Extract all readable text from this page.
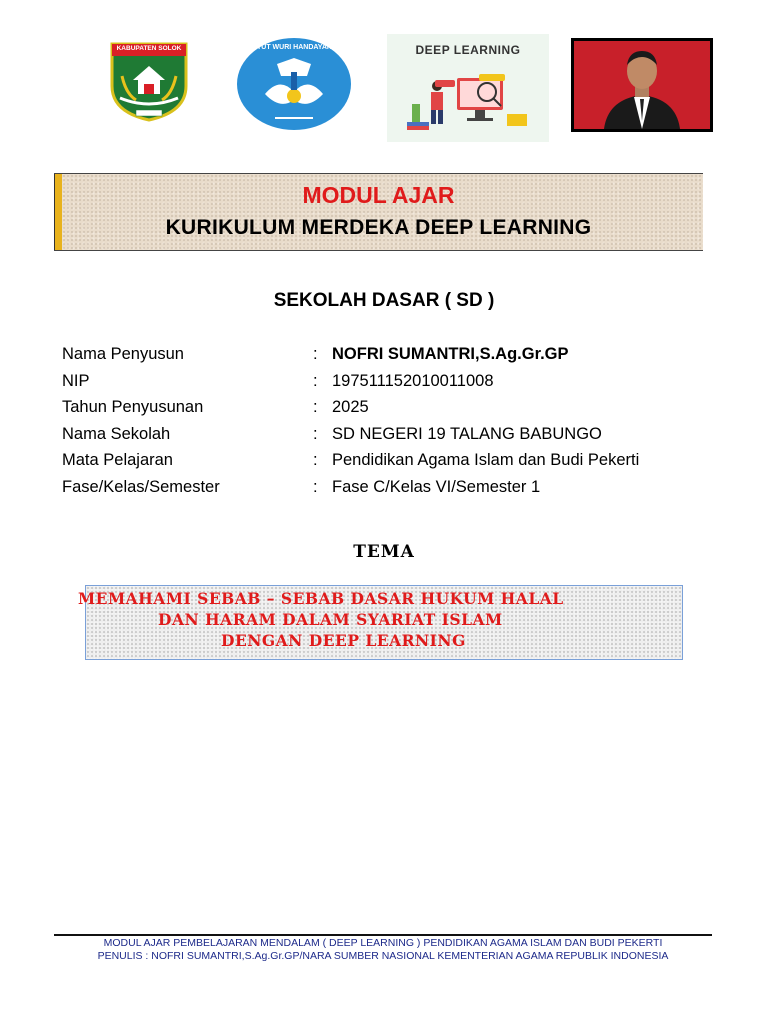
KABUPATEN SOLOK	TUT WURI HANDAYANI	DEEP LEARNING
MODUL AJAR
KURIKULUM MERDEKA DEEP LEARNING
SEKOLAH DASAR ( SD )
Nama Penyusun	: NOFRI SUMANTRI,S.Ag.Gr.GP
NIP	: 197511152010011008
Tahun Penyusunan	: 2025
Nama Sekolah	: SD NEGERI 19 TALANG BABUNGO
Mata Pelajaran	: Pendidikan Agama Islam dan Budi Pekerti
Fase/Kelas/Semester	: Fase C/Kelas VI/Semester 1
TEMA
MEMAHAMI SEBAB – SEBAB DASAR HUKUM HALAL
DAN HARAM DALAM SYARIAT ISLAM
DENGAN DEEP LEARNING
MODUL AJAR PEMBELAJARAN MENDALAM ( DEEP LEARNING ) PENDIDIKAN AGAMA ISLAM DAN BUDI PEKERTI
PENULIS : NOFRI SUMANTRI,S.Ag.Gr.GP/NARA SUMBER NASIONAL KEMENTERIAN AGAMA REPUBLIK INDONESIA
